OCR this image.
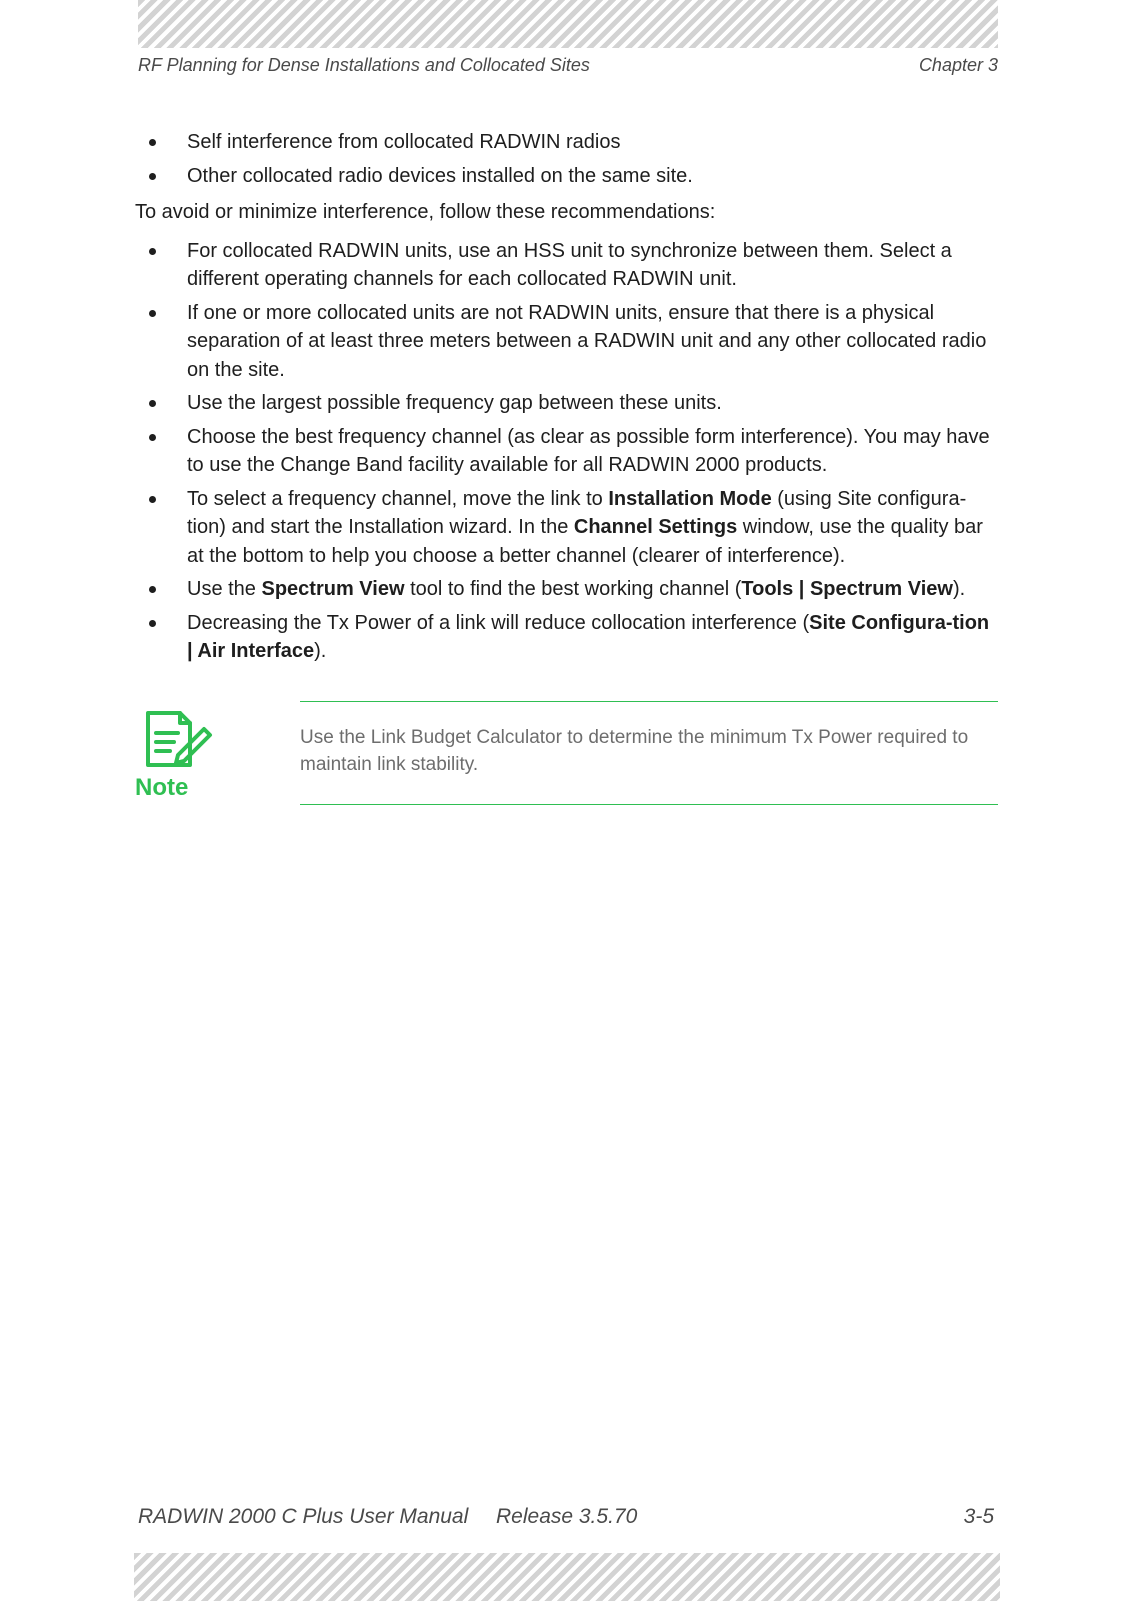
RF Planning for Dense Installations and Collocated Sites	Chapter 3
Self interference from collocated RADWIN radios
Other collocated radio devices installed on the same site.
To avoid or minimize interference, follow these recommendations:
For collocated RADWIN units, use an HSS unit to synchronize between them. Select a different operating channels for each collocated RADWIN unit.
If one or more collocated units are not RADWIN units, ensure that there is a physical separation of at least three meters between a RADWIN unit and any other collocated radio on the site.
Use the largest possible frequency gap between these units.
Choose the best frequency channel (as clear as possible form interference). You may have to use the Change Band facility available for all RADWIN 2000 products.
To select a frequency channel, move the link to Installation Mode (using Site configura-tion) and start the Installation wizard. In the Channel Settings window, use the quality bar at the bottom to help you choose a better channel (clearer of interference).
Use the Spectrum View tool to find the best working channel (Tools | Spectrum View).
Decreasing the Tx Power of a link will reduce collocation interference (Site Configura-tion | Air Interface).
Note
Use the Link Budget Calculator to determine the minimum Tx Power required to maintain link stability.
RADWIN 2000 C Plus User Manual Release 3.5.70	3-5
